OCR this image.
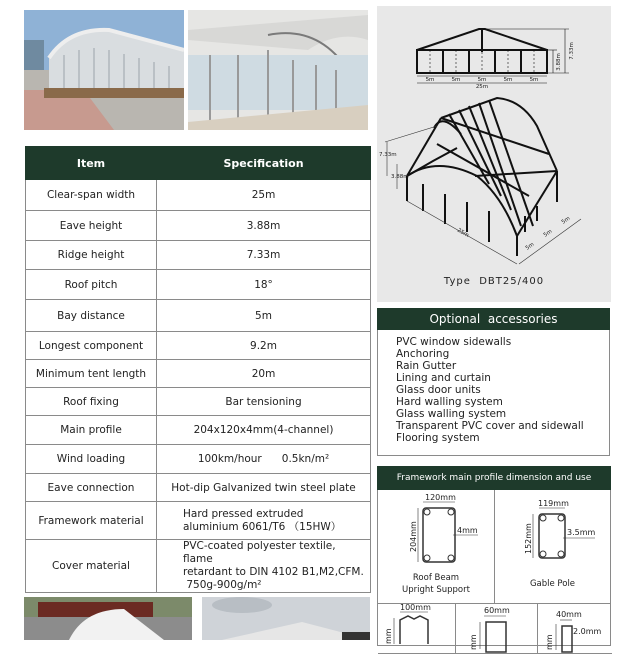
Item	Specification
Clear-span width	25m
Eave height	3.88m
Ridge height	7.33m
Roof pitch	18°
Bay distance	5m
Longest component	9.2m
Minimum tent length	20m
Roof fixing	Bar tensioning
Main profile	204x120x4mm(4-channel)
Wind loading	100km/hour      0.5kn/m²
Eave connection	Hot-dip Galvanized twin steel plate
Framework material	Hard pressed extruded
aluminium 6061/T6 （15HW）

Cover material	PVC-coated polyester textile, flame
retardant to DIN 4102 B1,M2,CFM.
750g-900g/m²
5m	5m	5m	5m	5m
25m
3.88m
7.33m
7.33m
3.88m
25m
5m
5m
5m
Type  DBT25/400
Optional  accessories
PVC window sidewalls
Anchoring
Rain Gutter
Lining and curtain
Glass door units
Hard walling system
Glass walling system
Transparent PVC cover and sidewall
Flooring system
Framework main profile dimension and use
120mm
4mm
204mm
Roof Beam
Upright Support
119mm
3.5mm
152mm
Gable Pole
100mm
mm
60mm
mm
40mm
2.0mm
mm
